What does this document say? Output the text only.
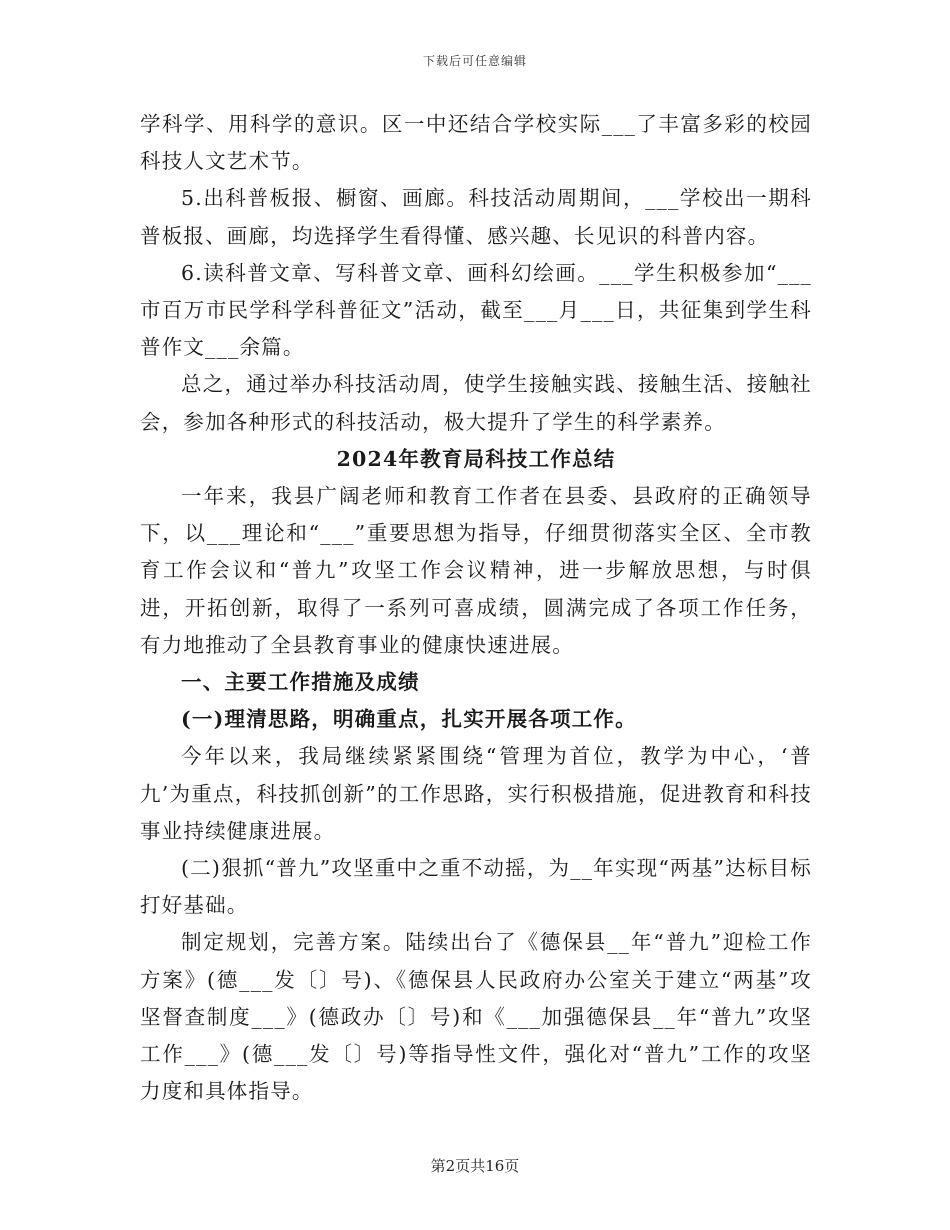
下载后可任意编辑

学科学、用科学的意识。区一中还结合学校实际___了丰富多彩的校园科技人文艺术节。

5.出科普板报、橱窗、画廊。科技活动周期间，___学校出一期科普板报、画廊，均选择学生看得懂、感兴趣、长见识的科普内容。

6.读科普文章、写科普文章、画科幻绘画。___学生积极参加“___市百万市民学科学科普征文”活动，截至___月___日，共征集到学生科普作文___余篇。

总之，通过举办科技活动周，使学生接触实践、接触生活、接触社会，参加各种形式的科技活动，极大提升了学生的科学素养。

2024年教育局科技工作总结

一年来，我县广阔老师和教育工作者在县委、县政府的正确领导下，以___理论和“___”重要思想为指导，仔细贯彻落实全区、全市教育工作会议和“普九”攻坚工作会议精神，进一步解放思想，与时俱进，开拓创新，取得了一系列可喜成绩，圆满完成了各项工作任务，有力地推动了全县教育事业的健康快速进展。

一、主要工作措施及成绩

(一)理清思路，明确重点，扎实开展各项工作。

今年以来，我局继续紧紧围绕“管理为首位，教学为中心，‘普九’为重点，科技抓创新”的工作思路，实行积极措施，促进教育和科技事业持续健康进展。

(二)狠抓“普九”攻坚重中之重不动摇，为__年实现“两基”达标目标打好基础。

制定规划，完善方案。陆续出台了《德保县__年“普九”迎检工作方案》(德___发〔〕号)、《德保县人民政府办公室关于建立“两基”攻坚督查制度___》(德政办〔〕号)和《___加强德保县__年“普九”攻坚工作___》(德___发〔〕号)等指导性文件，强化对“普九”工作的攻坚力度和具体指导。

第2页共16页
